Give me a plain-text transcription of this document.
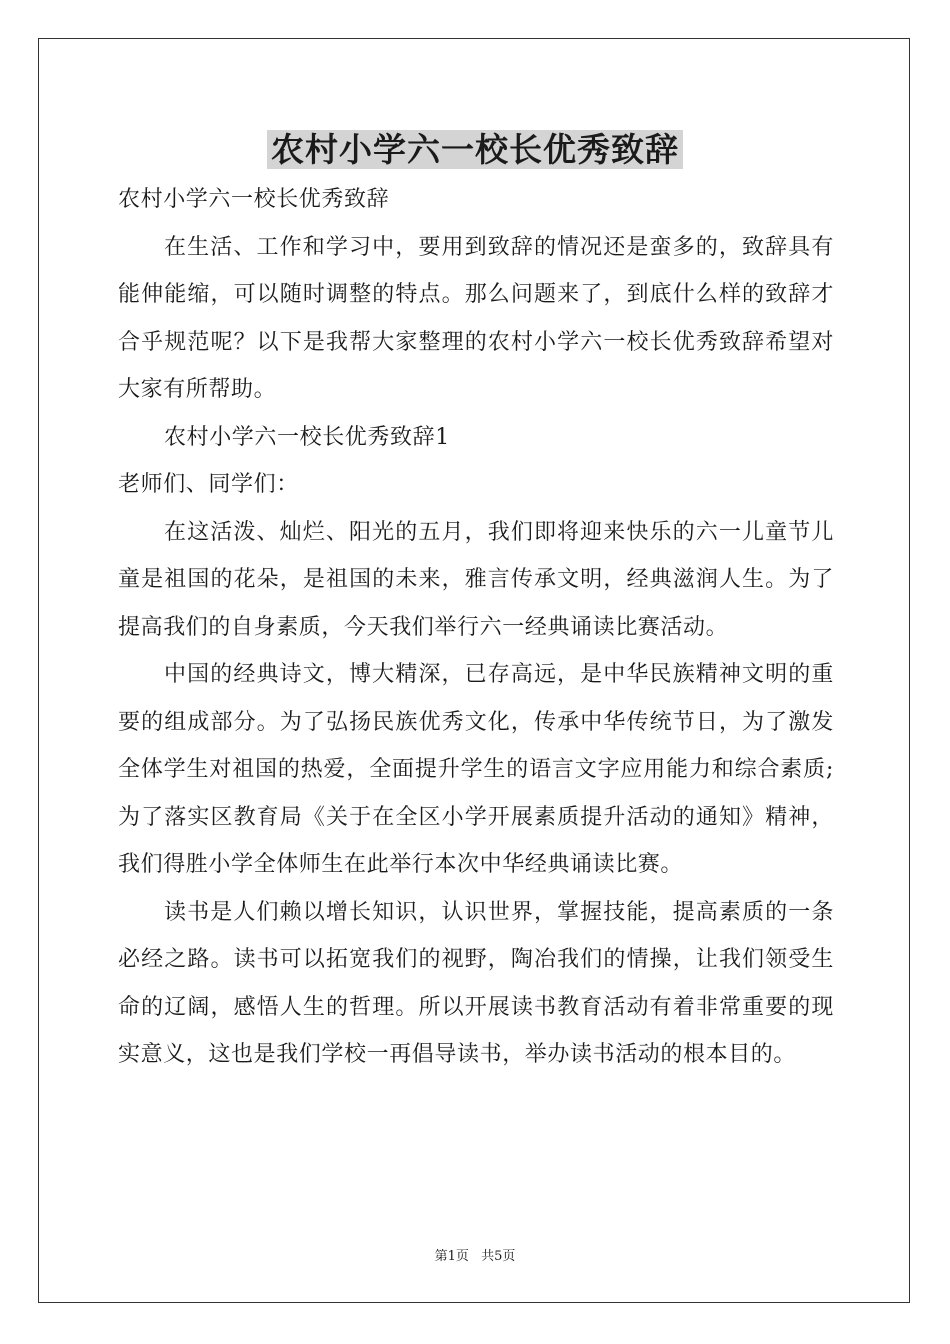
农村小学六一校长优秀致辞

农村小学六一校长优秀致辞

在生活、工作和学习中，要用到致辞的情况还是蛮多的，致辞具有能伸能缩，可以随时调整的特点。那么问题来了，到底什么样的致辞才合乎规范呢？以下是我帮大家整理的农村小学六一校长优秀致辞希望对大家有所帮助。

农村小学六一校长优秀致辞1

老师们、同学们：

在这活泼、灿烂、阳光的五月，我们即将迎来快乐的六一儿童节儿童是祖国的花朵，是祖国的未来，雅言传承文明，经典滋润人生。为了提高我们的自身素质，今天我们举行六一经典诵读比赛活动。

中国的经典诗文，博大精深，已存高远，是中华民族精神文明的重要的组成部分。为了弘扬民族优秀文化，传承中华传统节日，为了激发全体学生对祖国的热爱，全面提升学生的语言文字应用能力和综合素质;为了落实区教育局《关于在全区小学开展素质提升活动的通知》精神，我们得胜小学全体师生在此举行本次中华经典诵读比赛。

读书是人们赖以增长知识，认识世界，掌握技能，提高素质的一条必经之路。读书可以拓宽我们的视野，陶冶我们的情操，让我们领受生命的辽阔，感悟人生的哲理。所以开展读书教育活动有着非常重要的现实意义，这也是我们学校一再倡导读书，举办读书活动的根本目的。

第1页 共5页
